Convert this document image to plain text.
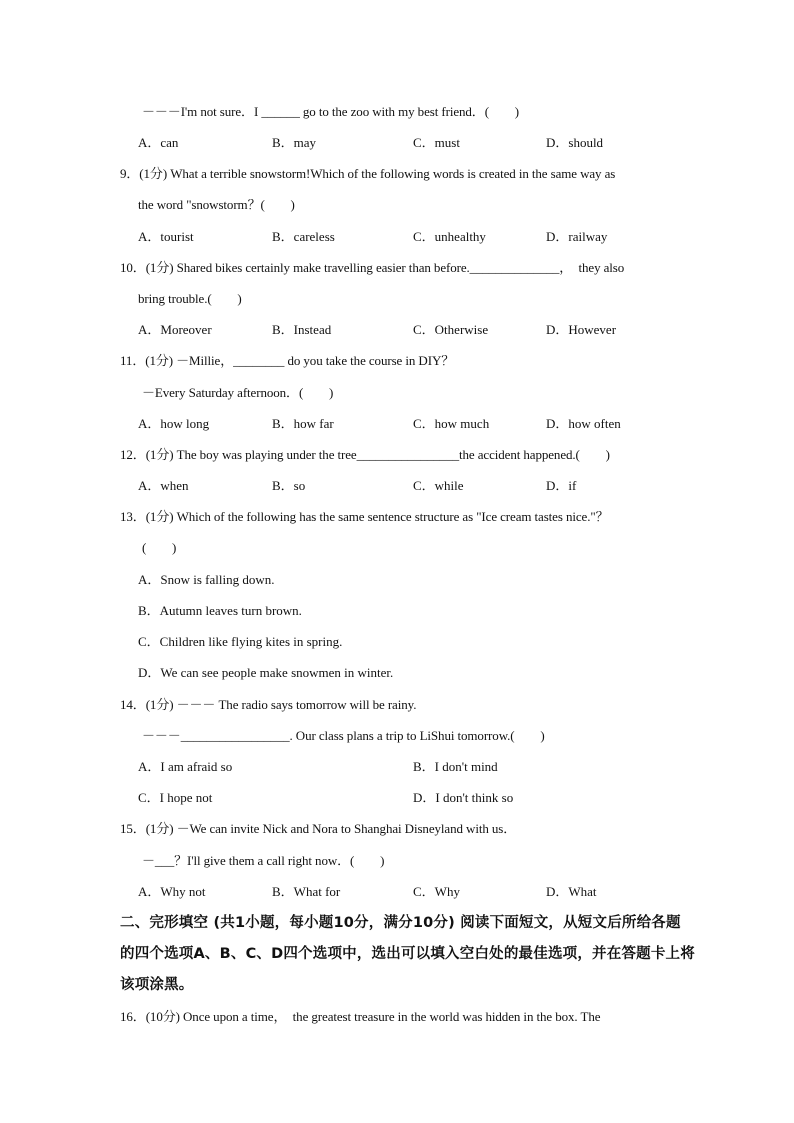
－－－I'm not sure．I ______ go to the zoo with my best friend．(　　)
A．can	B．may	C．must	D．should
9．(1分) What a terrible snowstorm!Which of the following words is created in the same way as
the word "snowstorm？(　　)
A．tourist	B．careless	C．unhealthy	D．railway
10．(1分) Shared bikes certainly make travelling easier than before.______________，  they also
bring trouble.(　　)
A．Moreover	B．Instead	C．Otherwise	D．However
11．(1分) －Millie，________ do you take the course in DIY？
－Every Saturday afternoon．(　　)
A．how long	B．how far	C．how much	D．how often
12．(1分) The boy was playing under the tree________________the accident happened.(　　)
A．when	B．so	C．while	D．if
13．(1分) Which of the following has the same sentence structure as "Ice cream tastes nice."？
(　　)
A．Snow is falling down.
B．Autumn leaves turn brown.
C．Children like flying kites in spring.
D．We can see people make snowmen in winter.
14．(1分) －－－ The radio says tomorrow will be rainy.
－－－_________________. Our class plans a trip to LiShui tomorrow.(　　)
A．I am afraid so	B．I don't mind
C．I hope not	D．I don't think so
15．(1分) －We can invite Nick and Nora to Shanghai Disneyland with us．
－___？I'll give them a call right now．(　　)
A．Why not	B．What for	C．Why	D．What
二、完形填空 (共1小题，每小题10分，满分10分) 阅读下面短文，从短文后所给各题
的四个选项A、B、C、D四个选项中，选出可以填入空白处的最佳选项，并在答题卡上将
该项涂黑。
16．(10分) Once upon a time，  the greatest treasure in the world was hidden in the box. The
